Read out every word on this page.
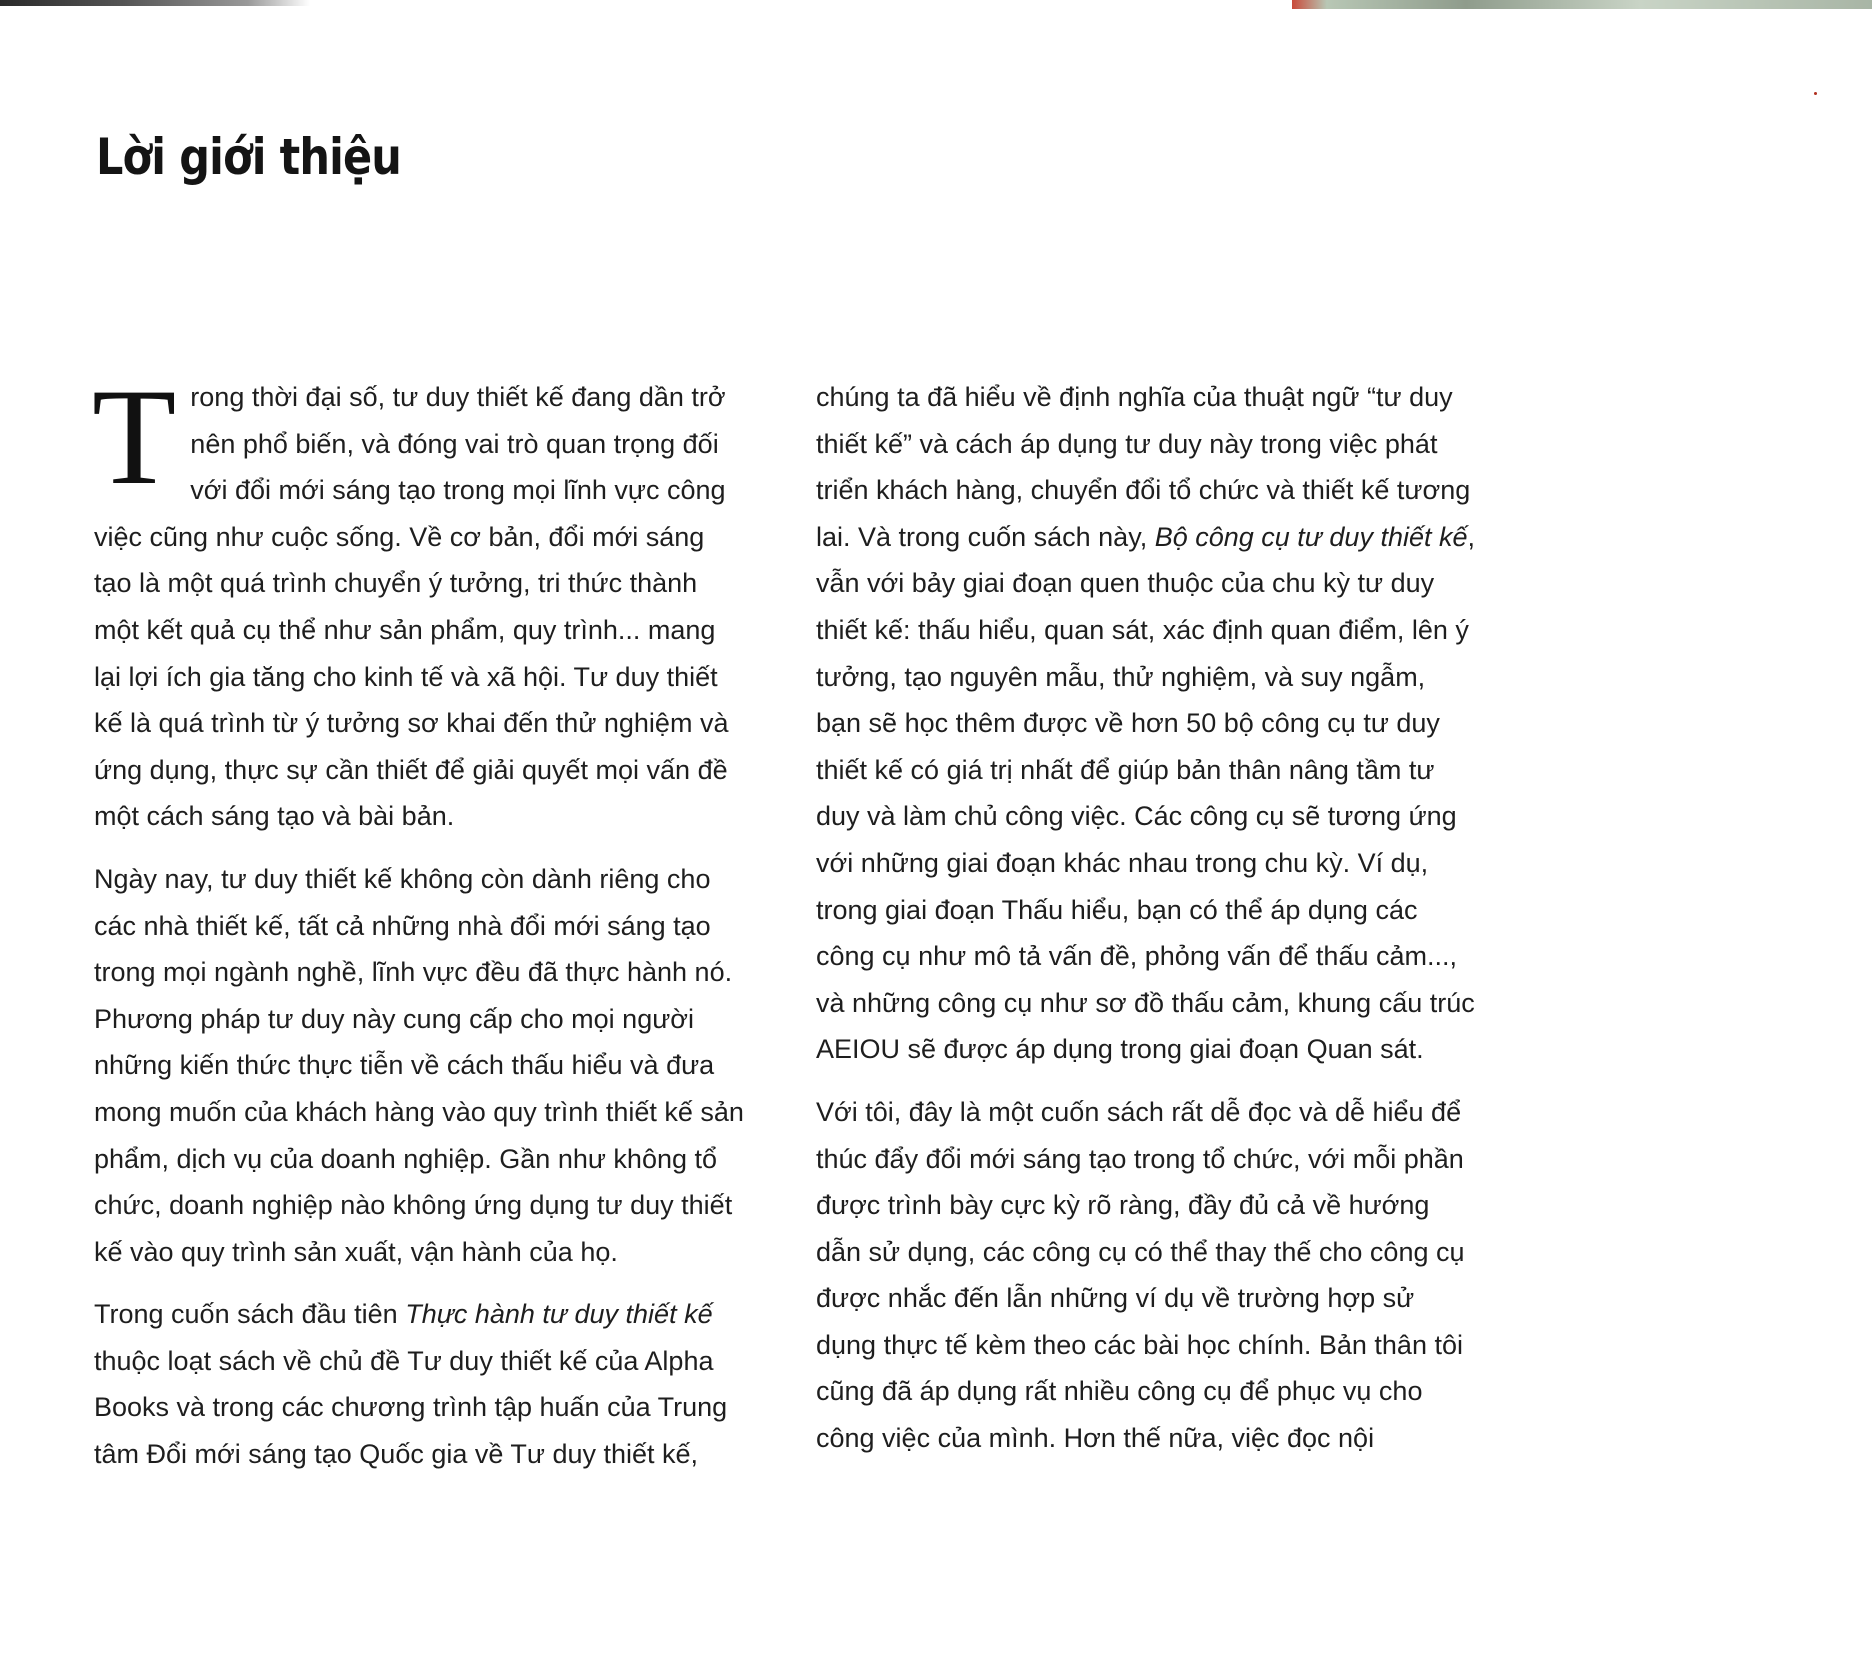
Lời giới thiệu

Trong thời đại số, tư duy thiết kế đang dần trở nên phổ biến, và đóng vai trò quan trọng đối với đổi mới sáng tạo trong mọi lĩnh vực công việc cũng như cuộc sống. Về cơ bản, đổi mới sáng tạo là một quá trình chuyển ý tưởng, tri thức thành một kết quả cụ thể như sản phẩm, quy trình... mang lại lợi ích gia tăng cho kinh tế và xã hội. Tư duy thiết kế là quá trình từ ý tưởng sơ khai đến thử nghiệm và ứng dụng, thực sự cần thiết để giải quyết mọi vấn đề một cách sáng tạo và bài bản.

Ngày nay, tư duy thiết kế không còn dành riêng cho các nhà thiết kế, tất cả những nhà đổi mới sáng tạo trong mọi ngành nghề, lĩnh vực đều đã thực hành nó. Phương pháp tư duy này cung cấp cho mọi người những kiến thức thực tiễn về cách thấu hiểu và đưa mong muốn của khách hàng vào quy trình thiết kế sản phẩm, dịch vụ của doanh nghiệp. Gần như không tổ chức, doanh nghiệp nào không ứng dụng tư duy thiết kế vào quy trình sản xuất, vận hành của họ.

Trong cuốn sách đầu tiên Thực hành tư duy thiết kế thuộc loạt sách về chủ đề Tư duy thiết kế của Alpha Books và trong các chương trình tập huấn của Trung tâm Đổi mới sáng tạo Quốc gia về Tư duy thiết kế,

chúng ta đã hiểu về định nghĩa của thuật ngữ “tư duy thiết kế” và cách áp dụng tư duy này trong việc phát triển khách hàng, chuyển đổi tổ chức và thiết kế tương lai. Và trong cuốn sách này, Bộ công cụ tư duy thiết kế, vẫn với bảy giai đoạn quen thuộc của chu kỳ tư duy thiết kế: thấu hiểu, quan sát, xác định quan điểm, lên ý tưởng, tạo nguyên mẫu, thử nghiệm, và suy ngẫm, bạn sẽ học thêm được về hơn 50 bộ công cụ tư duy thiết kế có giá trị nhất để giúp bản thân nâng tầm tư duy và làm chủ công việc. Các công cụ sẽ tương ứng với những giai đoạn khác nhau trong chu kỳ. Ví dụ, trong giai đoạn Thấu hiểu, bạn có thể áp dụng các công cụ như mô tả vấn đề, phỏng vấn để thấu cảm..., và những công cụ như sơ đồ thấu cảm, khung cấu trúc AEIOU sẽ được áp dụng trong giai đoạn Quan sát.

Với tôi, đây là một cuốn sách rất dễ đọc và dễ hiểu để thúc đẩy đổi mới sáng tạo trong tổ chức, với mỗi phần được trình bày cực kỳ rõ ràng, đầy đủ cả về hướng dẫn sử dụng, các công cụ có thể thay thế cho công cụ được nhắc đến lẫn những ví dụ về trường hợp sử dụng thực tế kèm theo các bài học chính. Bản thân tôi cũng đã áp dụng rất nhiều công cụ để phục vụ cho công việc của mình. Hơn thế nữa, việc đọc nội
